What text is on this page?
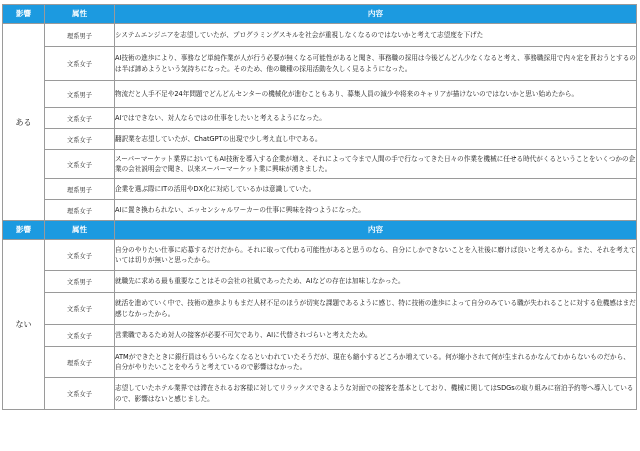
影響	属性	内容
ある	理系男子	システムエンジニアを志望していたが、プログラミングスキルを社会が重視しなくなるのではないかと考えて志望度を下げた
	文系女子	AI技術の進歩により、事務など単純作業が人が行う必要が無くなる可能性があると聞き、事務職の採用は今後どんどん少なくなると考え、事務職採用で内々定を貰おうとするのは半ば諦めようという気持ちになった。そのため、他の職種の採用活動を久しく見るようになった。
	文系男子	物流だと人手不足や24年問題でどんどんセンターの機械化が進むこともあり、募集人員の減少や将来のキャリアが描けないのではないかと思い始めたから。
	文系女子	AIではできない、対人ならではの仕事をしたいと考えるようになった。
	文系女子	翻訳業を志望していたが、ChatGPTの出現で少し考え直し中である。
	文系女子	スーパーマーケット業界においてもAI技術を導入する企業が増え、それによって今まで人間の手で行なってきた日々の作業を機械に任せる時代がくるということをいくつかの企業の会社説明会で聞き、以来スーパーマーケット業に興味が湧きました。
	理系男子	企業を選ぶ際にITの活用やDX化に対応しているかは意識していた。
	理系女子	AIに置き換わられない、エッセンシャルワーカーの仕事に興味を持つようになった。
影響	属性	内容
ない	文系女子	自分のやりたい仕事に応募するだけだから。それに取って代わる可能性があると思うのなら、自分にしかできないことを入社後に磨けば良いと考えるから。また、それを考えていては切りが無いと思ったから。
	文系男子	就職先に求める最も重要なことはその会社の社風であったため、AIなどの存在は加味しなかった。
	文系女子	就活を進めていく中で、技術の進歩よりもまだ人材不足のほうが切実な課題であるように感じ、特に技術の進歩によって自分のみている職が失われることに対する危機感はまだ感じなかったから。
	文系女子	営業職であるため対人の接客が必要不可欠であり、AIに代替されづらいと考えたため。
	理系女子	ATMができたときに銀行員はもういらなくなるといわれていたそうだが、現在も縮小するどころか増えている。何が縮小されて何が生まれるかなんてわからないものだから、自分がやりたいことをやろうと考えているので影響はなかった。
	文系女子	志望していたホテル業界では滞在されるお客様に対してリラックスできるような対面での接客を基本としており、機械に関してはSDGsの取り組みに宿泊予約等へ導入しているので、影響はないと感じました。
